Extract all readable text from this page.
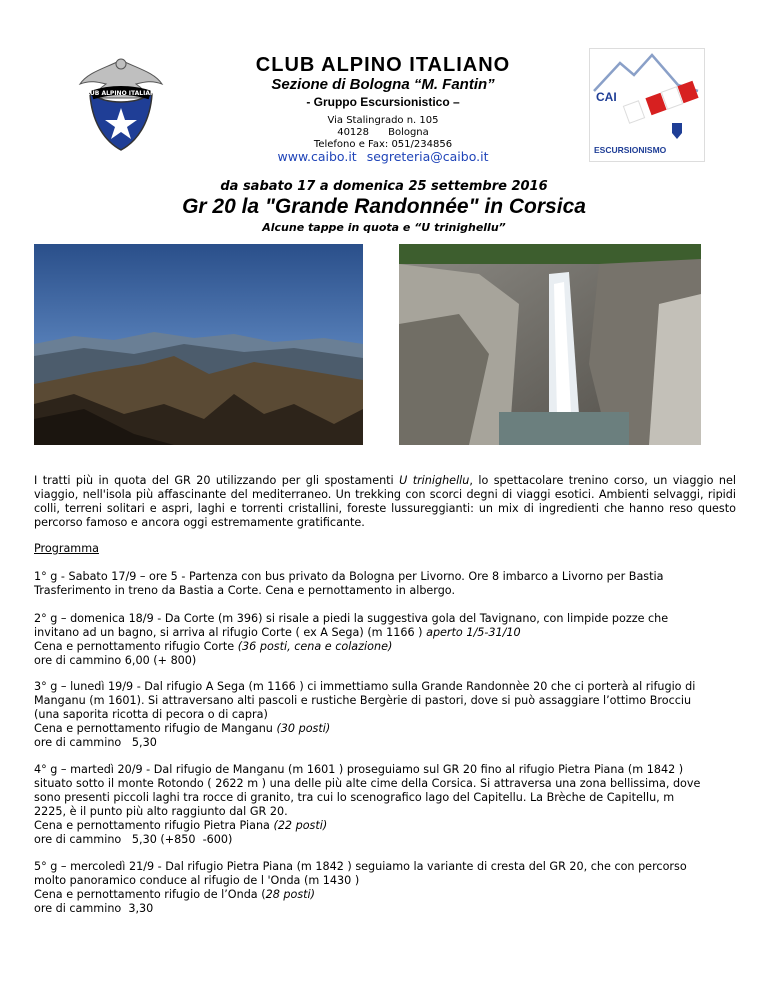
CLUB ALPINO ITALIANO	CAI
ESCURSIONISMO
CLUB ALPINO ITALIANO
Sezione di Bologna “M. Fantin”
- Gruppo Escursionistico –
Via Stalingrado n. 105
40128      Bologna
Telefono e Fax: 051/234856
www.caibo.it segreteria@caibo.it
da sabato 17 a domenica 25 settembre 2016
Gr 20 la "Grande Randonnée" in Corsica
Alcune tappe in quota e “U trinighellu”

I tratti più in quota del GR 20 utilizzando per gli spostamenti U trinighellu, lo spettacolare trenino corso, un viaggio nel viaggio, nell'isola più affascinante del mediterraneo. Un trekking con scorci degni di viaggi esotici. Ambienti selvaggi, ripidi colli, terreni solitari e aspri, laghi e torrenti cristallini, foreste lussureggianti: un mix di ingredienti che hanno reso questo percorso famoso e ancora oggi estremamente gratificante.

Programma
1° g - Sabato 17/9 – ore 5 - Partenza con bus privato da Bologna per Livorno. Ore 8 imbarco a Livorno per Bastia
Trasferimento in treno da Bastia a Corte. Cena e pernottamento in albergo.
2° g – domenica 18/9 - Da Corte (m 396) si risale a piedi la suggestiva gola del Tavignano, con limpide pozze che
invitano ad un bagno, si arriva al rifugio Corte ( ex A Sega) (m 1166 ) aperto 1/5-31/10
Cena e pernottamento rifugio Corte (36 posti, cena e colazione)
ore di cammino 6,00 (+ 800)
3° g – lunedì 19/9 - Dal rifugio A Sega (m 1166 ) ci immettiamo sulla Grande Randonnèe 20 che ci porterà al rifugio di
Manganu (m 1601). Si attraversano alti pascoli e rustiche Bergèrie di pastori, dove si può assaggiare l’ottimo Brocciu
(una saporita ricotta di pecora o di capra)
Cena e pernottamento rifugio de Manganu (30 posti)
ore di cammino   5,30
4° g – martedì 20/9 - Dal rifugio de Manganu (m 1601 ) proseguiamo sul GR 20 fino al rifugio Pietra Piana (m 1842 )
situato sotto il monte Rotondo ( 2622 m ) una delle più alte cime della Corsica. Si attraversa una zona bellissima, dove
sono presenti piccoli laghi tra rocce di granito, tra cui lo scenografico lago del Capitellu. La Brèche de Capitellu, m
2225, è il punto più alto raggiunto dal GR 20.
Cena e pernottamento rifugio Pietra Piana (22 posti)
ore di cammino   5,30 (+850  -600)
5° g – mercoledì 21/9 - Dal rifugio Pietra Piana (m 1842 ) seguiamo la variante di cresta del GR 20, che con percorso
molto panoramico conduce al rifugio de l 'Onda (m 1430 )
Cena e pernottamento rifugio de l’Onda (28 posti)
ore di cammino  3,30
